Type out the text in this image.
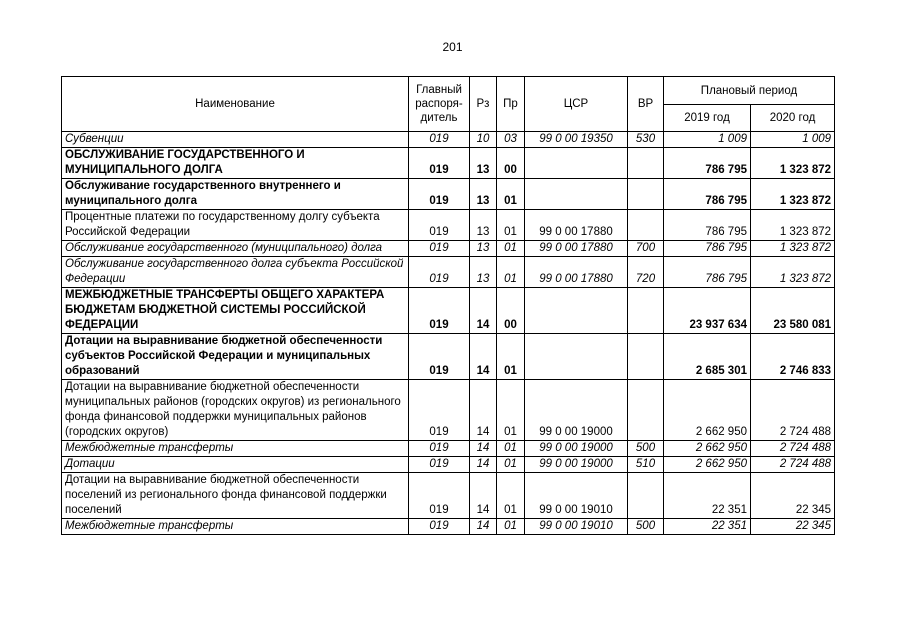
201
Наименование	Главный распоря-дитель	Рз	Пр	ЦСР	ВР	Плановый период	
						2019 год	2020 год
Субвенции	019	10	03	99 0 00 19350	530	1 009	1 009
ОБСЛУЖИВАНИЕ ГОСУДАРСТВЕННОГО И МУНИЦИПАЛЬНОГО ДОЛГА	019	13	00			786 795	1 323 872
Обслуживание государственного внутреннего и муниципального долга	019	13	01			786 795	1 323 872
Процентные платежи по государственному долгу субъекта Российской Федерации	019	13	01	99 0 00 17880		786 795	1 323 872
Обслуживание государственного (муниципального) долга	019	13	01	99 0 00 17880	700	786 795	1 323 872
Обслуживание государственного долга субъекта Российской Федерации	019	13	01	99 0 00 17880	720	786 795	1 323 872
МЕЖБЮДЖЕТНЫЕ ТРАНСФЕРТЫ ОБЩЕГО ХАРАКТЕРА БЮДЖЕТАМ БЮДЖЕТНОЙ СИСТЕМЫ РОССИЙСКОЙ ФЕДЕРАЦИИ	019	14	00			23 937 634	23 580 081
Дотации на выравнивание бюджетной обеспеченности субъектов Российской Федерации и муниципальных образований	019	14	01			2 685 301	2 746 833
Дотации на выравнивание бюджетной обеспеченности муниципальных районов (городских округов) из регионального фонда финансовой поддержки муниципальных районов (городских округов)	019	14	01	99 0 00 19000		2 662 950	2 724 488
Межбюджетные трансферты	019	14	01	99 0 00 19000	500	2 662 950	2 724 488
Дотации	019	14	01	99 0 00 19000	510	2 662 950	2 724 488
Дотации на выравнивание бюджетной обеспеченности поселений из регионального фонда финансовой поддержки поселений	019	14	01	99 0 00 19010		22 351	22 345
Межбюджетные трансферты	019	14	01	99 0 00 19010	500	22 351	22 345
